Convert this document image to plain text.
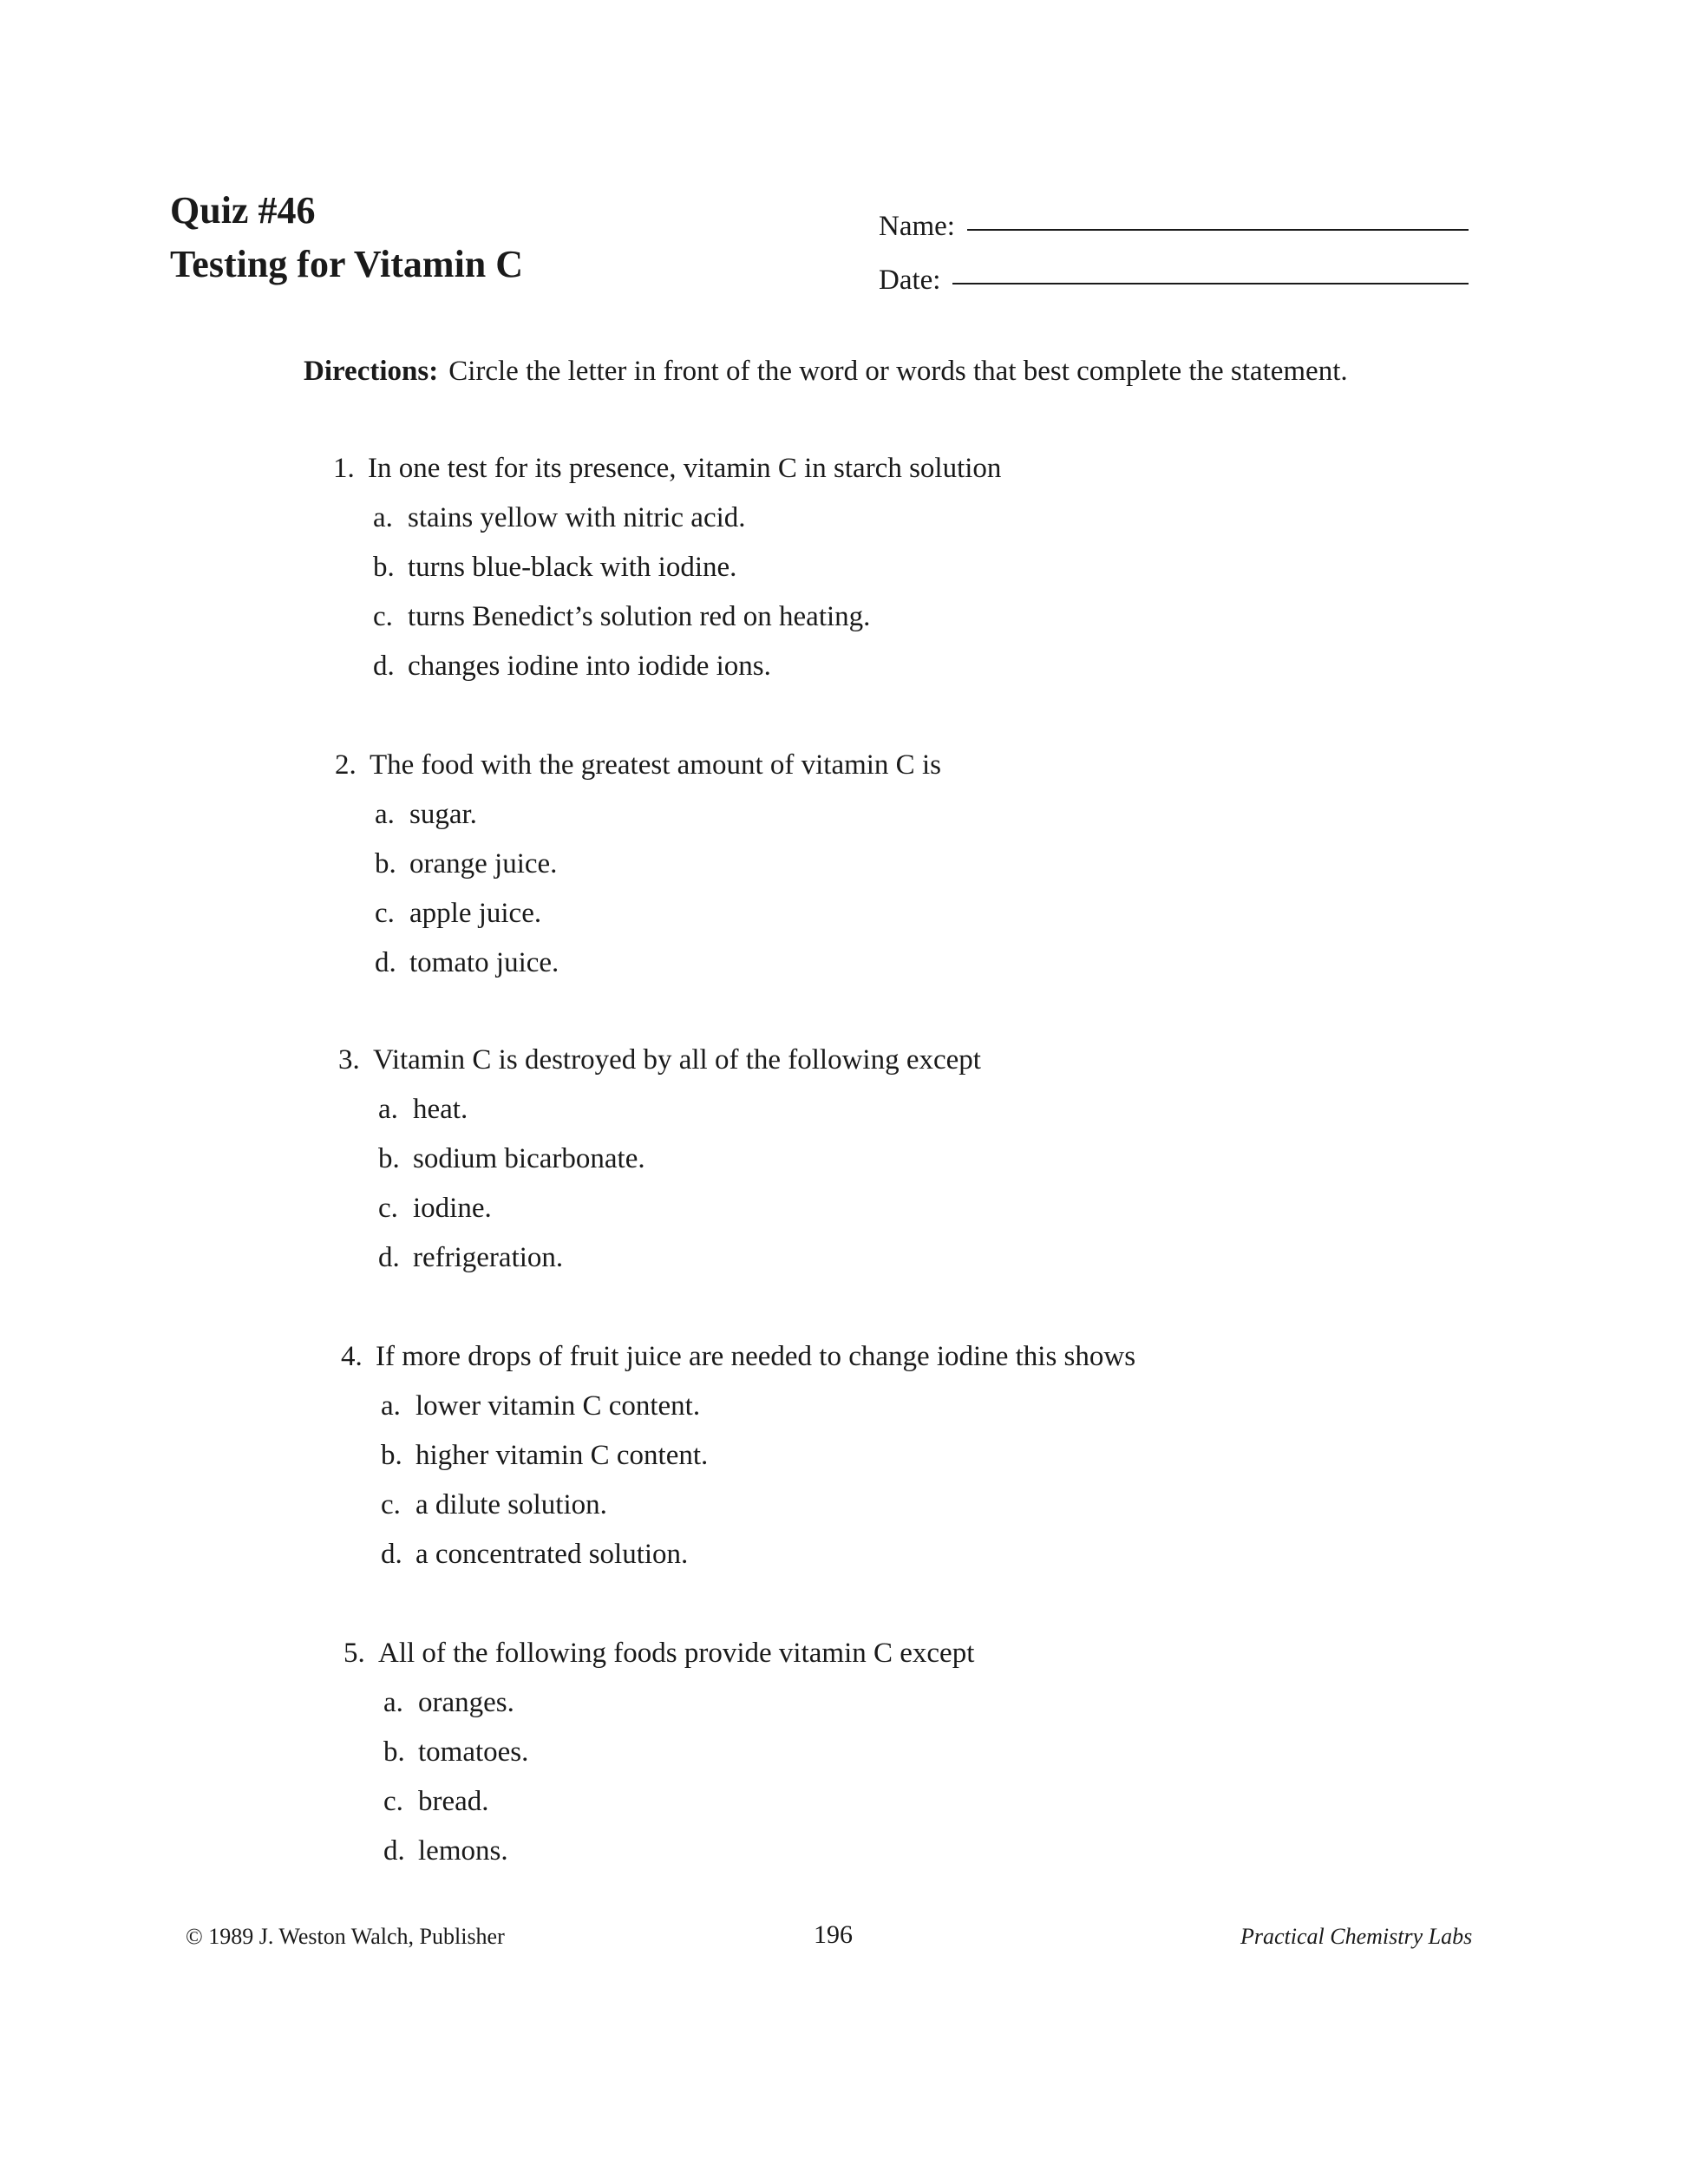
Quiz #46
Testing for Vitamin C
Name:
Date:
Directions: Circle the letter in front of the word or words that best complete the statement.
1. In one test for its presence, vitamin C in starch solution
a. stains yellow with nitric acid.
b. turns blue-black with iodine.
c. turns Benedict’s solution red on heating.
d. changes iodine into iodide ions.
2. The food with the greatest amount of vitamin C is
a. sugar.
b. orange juice.
c. apple juice.
d. tomato juice.
3. Vitamin C is destroyed by all of the following except
a. heat.
b. sodium bicarbonate.
c. iodine.
d. refrigeration.
4. If more drops of fruit juice are needed to change iodine this shows
a. lower vitamin C content.
b. higher vitamin C content.
c. a dilute solution.
d. a concentrated solution.
5. All of the following foods provide vitamin C except
a. oranges.
b. tomatoes.
c. bread.
d. lemons.
© 1989 J. Weston Walch, Publisher	196	Practical Chemistry Labs
